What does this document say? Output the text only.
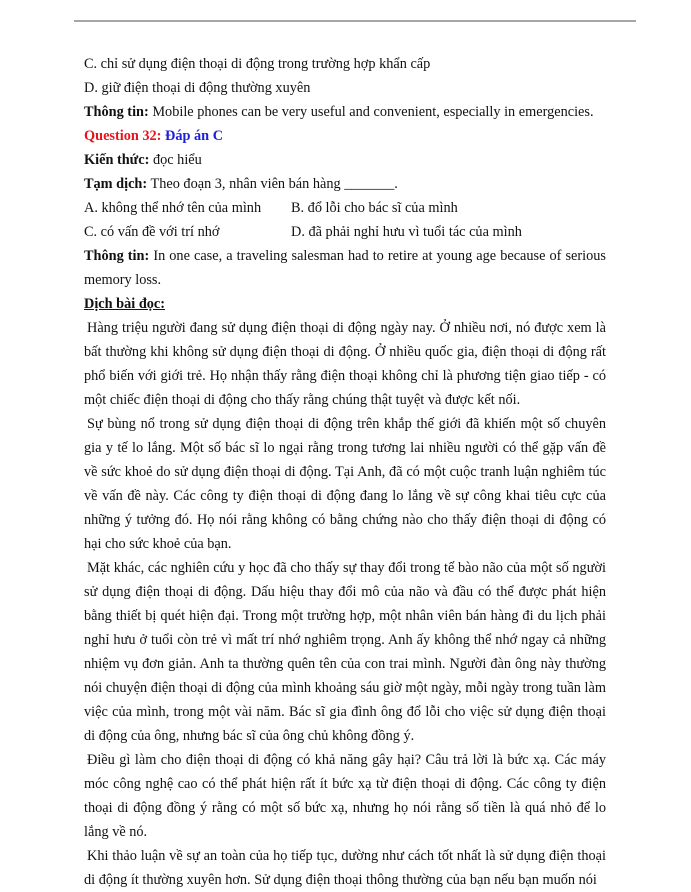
C. chỉ sử dụng điện thoại di động trong trường hợp khẩn cấp
D. giữ điện thoại di động thường xuyên
Thông tin: Mobile phones can be very useful and convenient, especially in emergencies.
Question 32: Đáp án C
Kiến thức: đọc hiểu
Tạm dịch: Theo đoạn 3, nhân viên bán hàng _______.
A. không thể nhớ tên của mình	B. đổ lỗi cho bác sĩ của mình
C. có vấn đề với trí nhớ	D. đã phải nghỉ hưu vì tuổi tác của mình
Thông tin: In one case, a traveling salesman had to retire at young age because of serious memory loss.
Dịch bài đọc:
Hàng triệu người đang sử dụng điện thoại di động ngày nay. Ở nhiều nơi, nó được xem là bất thường khi không sử dụng điện thoại di động. Ở nhiều quốc gia, điện thoại di động rất phổ biến với giới trẻ. Họ nhận thấy rằng điện thoại không chỉ là phương tiện giao tiếp - có một chiếc điện thoại di động cho thấy rằng chúng thật tuyệt và được kết nối.
Sự bùng nổ trong sử dụng điện thoại di động trên khắp thế giới đã khiến một số chuyên gia y tế lo lắng. Một số bác sĩ lo ngại rằng trong tương lai nhiều người có thể gặp vấn đề về sức khoẻ do sử dụng điện thoại di động. Tại Anh, đã có một cuộc tranh luận nghiêm túc về vấn đề này. Các công ty điện thoại di động đang lo lắng về sự công khai tiêu cực của những ý tưởng đó. Họ nói rằng không có bằng chứng nào cho thấy điện thoại di động có hại cho sức khoẻ của bạn.
Mặt khác, các nghiên cứu y học đã cho thấy sự thay đổi trong tế bào não của một số người sử dụng điện thoại di động. Dấu hiệu thay đổi mô của não và đầu có thể được phát hiện bằng thiết bị quét hiện đại. Trong một trường hợp, một nhân viên bán hàng đi du lịch phải nghỉ hưu ở tuổi còn trẻ vì mất trí nhớ nghiêm trọng. Anh ấy không thể nhớ ngay cả những nhiệm vụ đơn giản. Anh ta thường quên tên của con trai mình. Người đàn ông này thường nói chuyện điện thoại di động của mình khoảng sáu giờ một ngày, mỗi ngày trong tuần làm việc của mình, trong một vài năm. Bác sĩ gia đình ông đổ lỗi cho việc sử dụng điện thoại di động của ông, nhưng bác sĩ của ông chủ không đồng ý.
Điều gì làm cho điện thoại di động có khả năng gây hại? Câu trả lời là bức xạ. Các máy móc công nghệ cao có thể phát hiện rất ít bức xạ từ điện thoại di động. Các công ty điện thoại di động đồng ý rằng có một số bức xạ, nhưng họ nói rằng số tiền là quá nhỏ để lo lắng về nó.
Khi thảo luận về sự an toàn của họ tiếp tục, dường như cách tốt nhất là sử dụng điện thoại di động ít thường xuyên hơn. Sử dụng điện thoại thông thường của bạn nếu bạn muốn nói
